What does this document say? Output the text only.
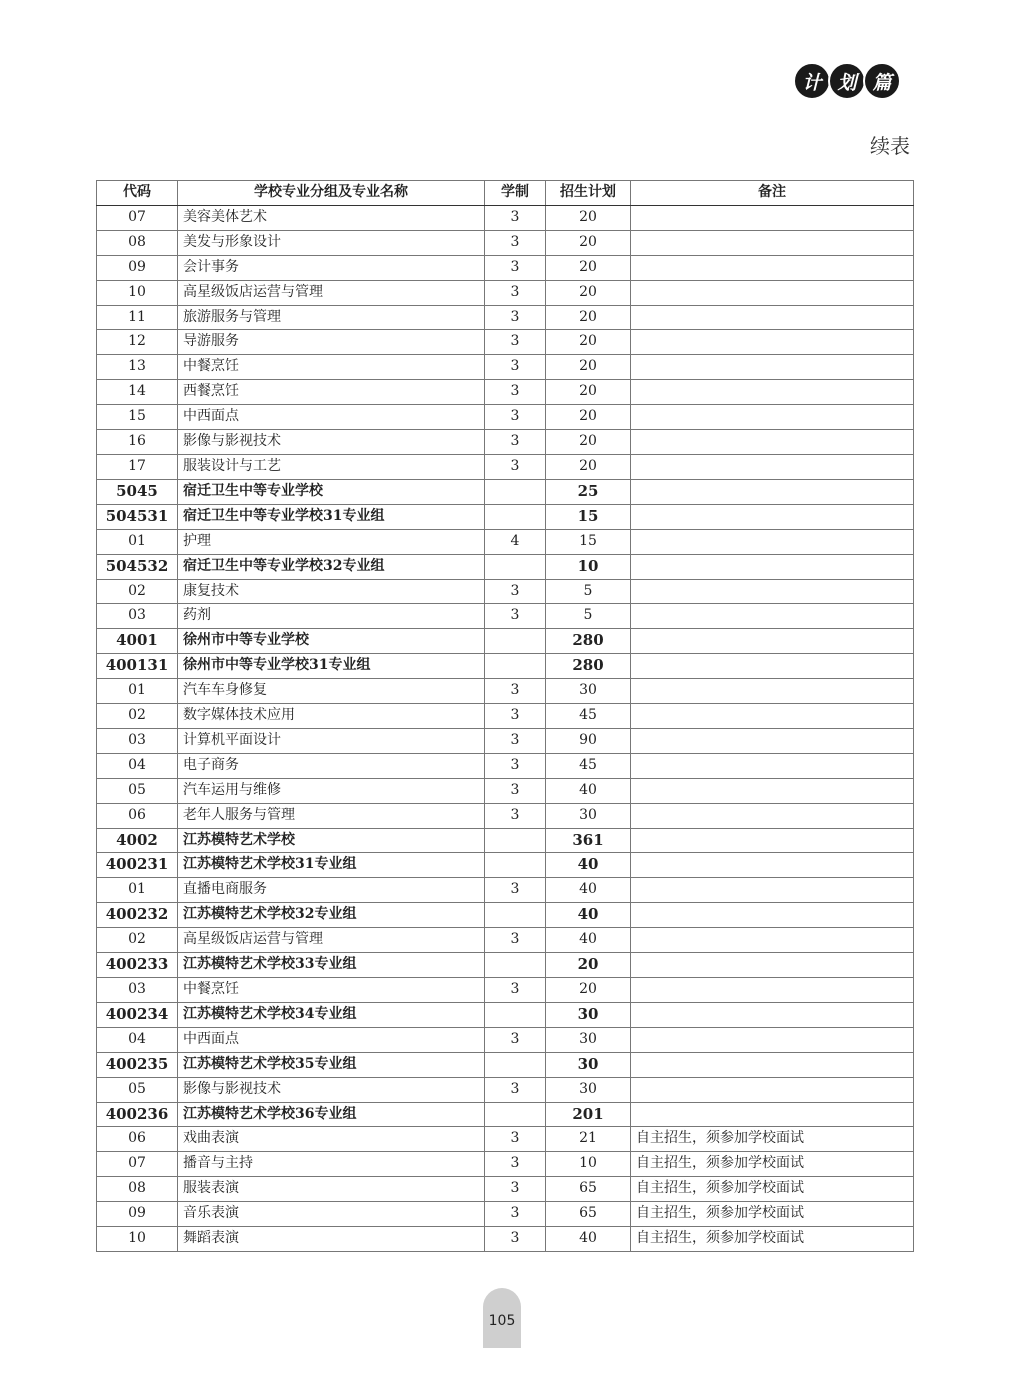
计 划 篇
续表
代码	学校专业分组及专业名称	学制	招生计划	备注
07	美容美体艺术	3	20	
08	美发与形象设计	3	20	
09	会计事务	3	20	
10	高星级饭店运营与管理	3	20	
11	旅游服务与管理	3	20	
12	导游服务	3	20	
13	中餐烹饪	3	20	
14	西餐烹饪	3	20	
15	中西面点	3	20	
16	影像与影视技术	3	20	
17	服装设计与工艺	3	20	
5045	宿迁卫生中等专业学校		25	
504531	宿迁卫生中等专业学校31专业组		15	
01	护理	4	15	
504532	宿迁卫生中等专业学校32专业组		10	
02	康复技术	3	5	
03	药剂	3	5	
4001	徐州市中等专业学校		280	
400131	徐州市中等专业学校31专业组		280	
01	汽车车身修复	3	30	
02	数字媒体技术应用	3	45	
03	计算机平面设计	3	90	
04	电子商务	3	45	
05	汽车运用与维修	3	40	
06	老年人服务与管理	3	30	
4002	江苏模特艺术学校		361	
400231	江苏模特艺术学校31专业组		40	
01	直播电商服务	3	40	
400232	江苏模特艺术学校32专业组		40	
02	高星级饭店运营与管理	3	40	
400233	江苏模特艺术学校33专业组		20	
03	中餐烹饪	3	20	
400234	江苏模特艺术学校34专业组		30	
04	中西面点	3	30	
400235	江苏模特艺术学校35专业组		30	
05	影像与影视技术	3	30	
400236	江苏模特艺术学校36专业组		201	
06	戏曲表演	3	21	自主招生，须参加学校面试
07	播音与主持	3	10	自主招生，须参加学校面试
08	服装表演	3	65	自主招生，须参加学校面试
09	音乐表演	3	65	自主招生，须参加学校面试
10	舞蹈表演	3	40	自主招生，须参加学校面试
105
